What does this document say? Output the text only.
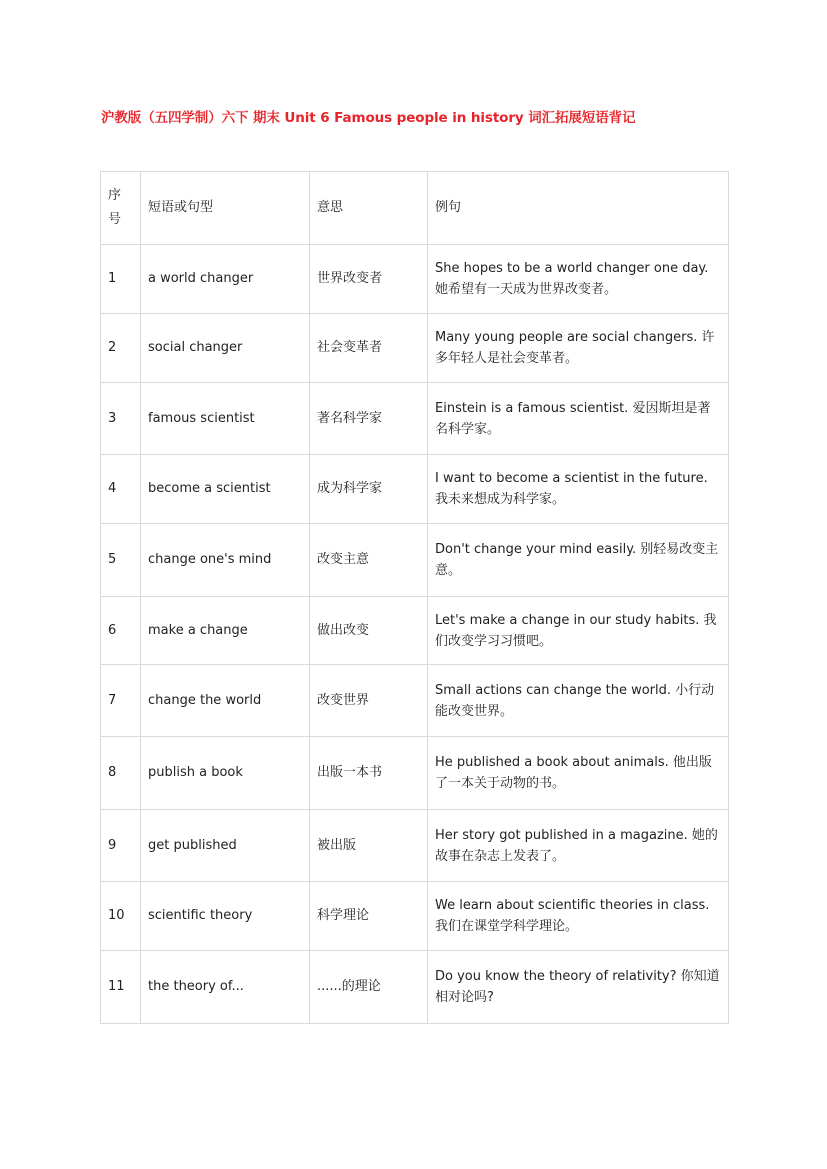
沪教版（五四学制）六下 期末 Unit 6 Famous people in history 词汇拓展短语背记
序号	短语或句型	意思	例句
1	a world changer	世界改变者	She hopes to be a world changer one day. 她希望有一天成为世界改变者。
2	social changer	社会变革者	Many young people are social changers. 许多年轻人是社会变革者。
3	famous scientist	著名科学家	Einstein is a famous scientist. 爱因斯坦是著名科学家。
4	become a scientist	成为科学家	I want to become a scientist in the future. 我未来想成为科学家。
5	change one's mind	改变主意	Don't change your mind easily. 别轻易改变主意。
6	make a change	做出改变	Let's make a change in our study habits. 我们改变学习习惯吧。
7	change the world	改变世界	Small actions can change the world. 小行动能改变世界。
8	publish a book	出版一本书	He published a book about animals. 他出版了一本关于动物的书。
9	get published	被出版	Her story got published in a magazine. 她的故事在杂志上发表了。
10	scientific theory	科学理论	We learn about scientific theories in class. 我们在课堂学科学理论。
11	the theory of...	......的理论	Do you know the theory of relativity? 你知道相对论吗?
